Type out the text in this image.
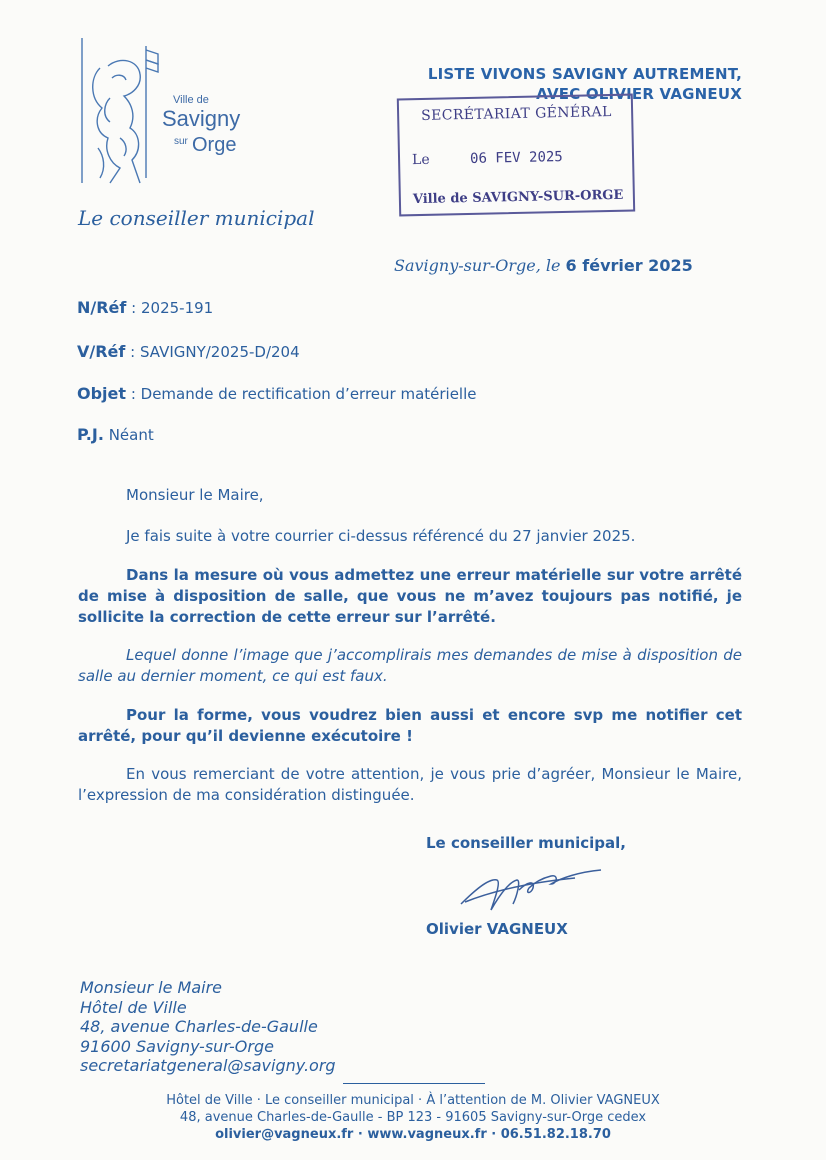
Ville de
Savigny
sur Orge
LISTE VIVONS SAVIGNY AUTREMENT,
AVEC OLIVIER VAGNEUX
SECRÉTARIAT GÉNÉRAL
Le	06 FEV 2025
Ville de SAVIGNY-SUR-ORGE
Le conseiller municipal
Savigny-sur-Orge, le 6 février 2025
N/Réf : 2025-191
V/Réf : SAVIGNY/2025-D/204
Objet : Demande de rectification d’erreur matérielle
P.J. Néant
Monsieur le Maire,
Je fais suite à votre courrier ci-dessus référencé du 27 janvier 2025.
Dans la mesure où vous admettez une erreur matérielle sur votre arrêté de mise à disposition de salle, que vous ne m’avez toujours pas notifié, je sollicite la correction de cette erreur sur l’arrêté.
Lequel donne l’image que j’accomplirais mes demandes de mise à disposition de salle au dernier moment, ce qui est faux.
Pour la forme, vous voudrez bien aussi et encore svp me notifier cet arrêté, pour qu’il devienne exécutoire !
En vous remerciant de votre attention, je vous prie d’agréer, Monsieur le Maire, l’expression de ma considération distinguée.
Le conseiller municipal,
Olivier VAGNEUX
Monsieur le Maire
Hôtel de Ville
48, avenue Charles-de-Gaulle
91600 Savigny-sur-Orge
secretariatgeneral@savigny.org
Hôtel de Ville · Le conseiller municipal · À l’attention de M. Olivier VAGNEUX
48, avenue Charles-de-Gaulle - BP 123 - 91605 Savigny-sur-Orge cedex
olivier@vagneux.fr · www.vagneux.fr · 06.51.82.18.70
